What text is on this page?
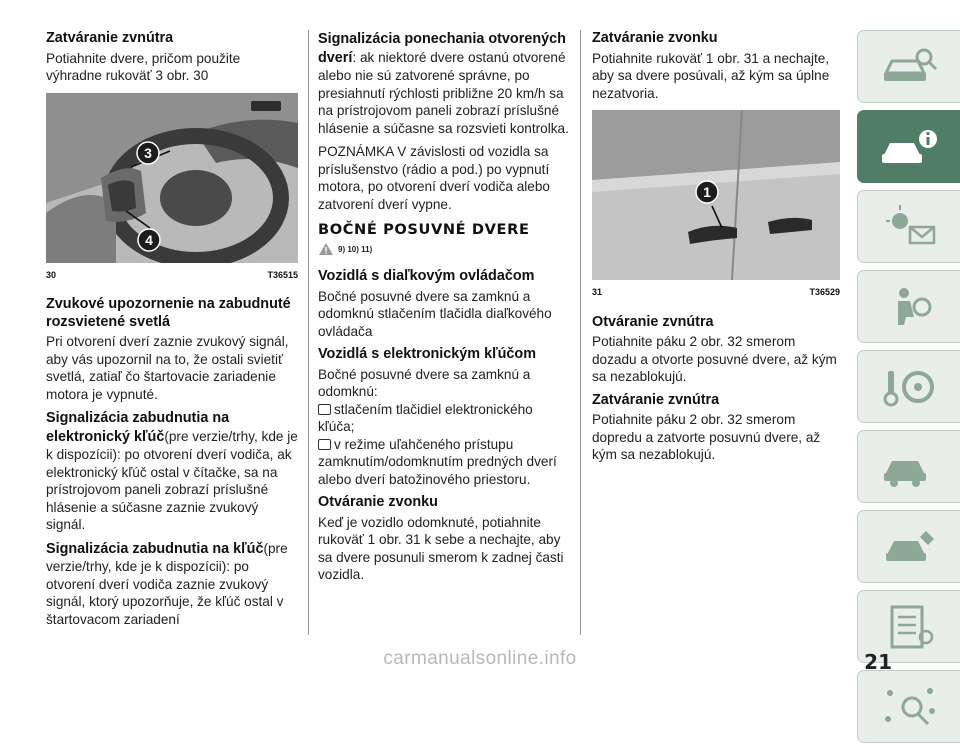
Zatváranie zvnútra

Potiahnite dvere, pričom použite výhradne rukoväť 3 obr. 30

3
4
30	T36515
Zvukové upozornenie na zabudnuté rozsvietené svetlá

Pri otvorení dverí zaznie zvukový signál, aby vás upozornil na to, že ostali svietiť svetlá, zatiaľ čo štartovacie zariadenie motora je vypnuté.

Signalizácia zabudnutia na elektronický kľúč(pre verzie/trhy, kde je k dispozícii): po otvorení dverí vodiča, ak elektronický kľúč ostal v čítačke, sa na prístrojovom paneli zobrazí príslušné hlásenie a súčasne zaznie zvukový signál.

Signalizácia zabudnutia na kľúč(pre verzie/trhy, kde je k dispozícii): po otvorení dverí vodiča zaznie zvukový signál, ktorý upozorňuje, že kľúč ostal v štartovacom zariadení

Signalizácia ponechania otvorených dverí: ak niektoré dvere ostanú otvorené alebo nie sú zatvorené správne, po presiahnutí rýchlosti približne 20 km/h sa na prístrojovom paneli zobrazí príslušné hlásenie a súčasne sa rozsvieti kontrolka.

POZNÁMKA V závislosti od vozidla sa príslušenstvo (rádio a pod.) po vypnutí motora, po otvorení dverí vodiča alebo zatvorení dverí vypne.

BOČNÉ POSUVNÉ DVERE
9) 10) 11)
Vozidlá s diaľkovým ovládačom

Bočné posuvné dvere sa zamknú a odomknú stlačením tlačidla diaľkového ovládača

Vozidlá s elektronickým kľúčom

Bočné posuvné dvere sa zamknú a odomknú:

stlačením tlačidiel elektronického kľúča;

v režime uľahčeného prístupu zamknutím/odomknutím predných dverí alebo dverí batožinového priestoru.

Otváranie zvonku

Keď je vozidlo odomknuté, potiahnite rukoväť 1 obr. 31 k sebe a nechajte, aby sa dvere posunuli smerom k zadnej časti vozidla.

Zatváranie zvonku

Potiahnite rukoväť 1 obr. 31 a nechajte, aby sa dvere posúvali, až kým sa úplne nezatvoria.

1
31	T36529
Otváranie zvnútra

Potiahnite páku 2 obr. 32 smerom dozadu a otvorte posuvné dvere, až kým sa nezablokujú.

Zatváranie zvnútra

Potiahnite páku 2 obr. 32 smerom dopredu a zatvorte posuvnú dvere, až kým sa nezablokujú.

21
carmanualsonline.info
